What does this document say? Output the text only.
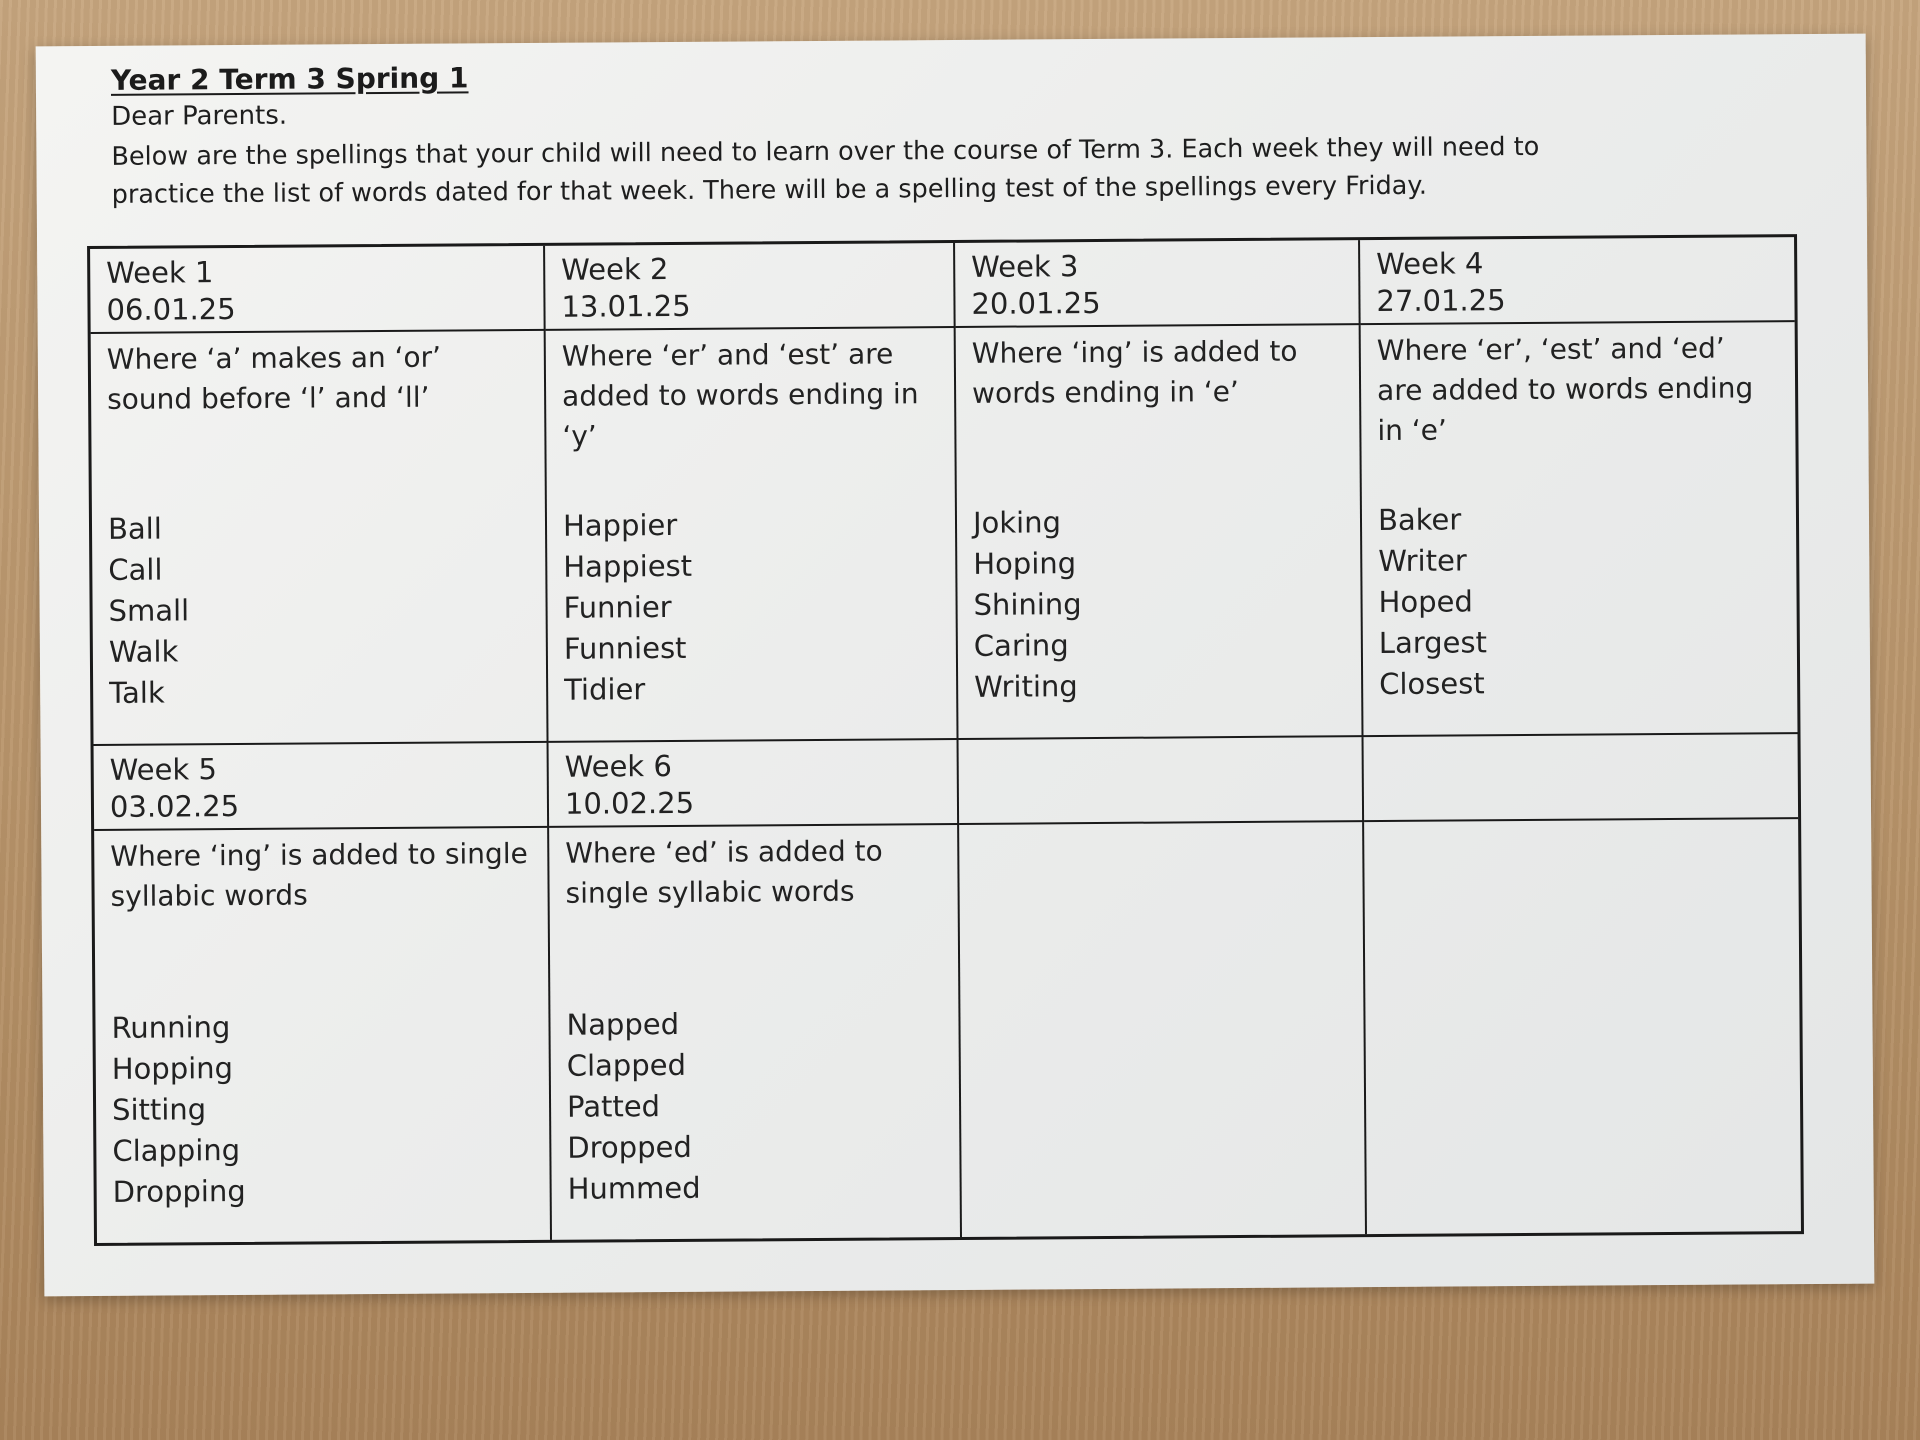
Year 2 Term 3 Spring 1
Dear Parents.
Below are the spellings that your child will need to learn over the course of Term 3. Each week they will need to practice the list of words dated for that week. There will be a spelling test of the spellings every Friday.
Week 1
06.01.25
Week 2
13.01.25
Week 3
20.01.25
Week 4
27.01.25
Where ‘a’ makes an ‘or’ sound before ‘l’ and ‘ll’
Ball
Call
Small
Walk
Talk
Where ‘er’ and ‘est’ are added to words ending in ‘y’
Happier
Happiest
Funnier
Funniest
Tidier
Where ‘ing’ is added to words ending in ‘e’
Joking
Hoping
Shining
Caring
Writing
Where ‘er’, ‘est’ and ‘ed’ are added to words ending in ‘e’
Baker
Writer
Hoped
Largest
Closest
Week 5
03.02.25
Week 6
10.02.25
Where ‘ing’ is added to single syllabic words
Running
Hopping
Sitting
Clapping
Dropping
Where ‘ed’ is added to single syllabic words
Napped
Clapped
Patted
Dropped
Hummed
